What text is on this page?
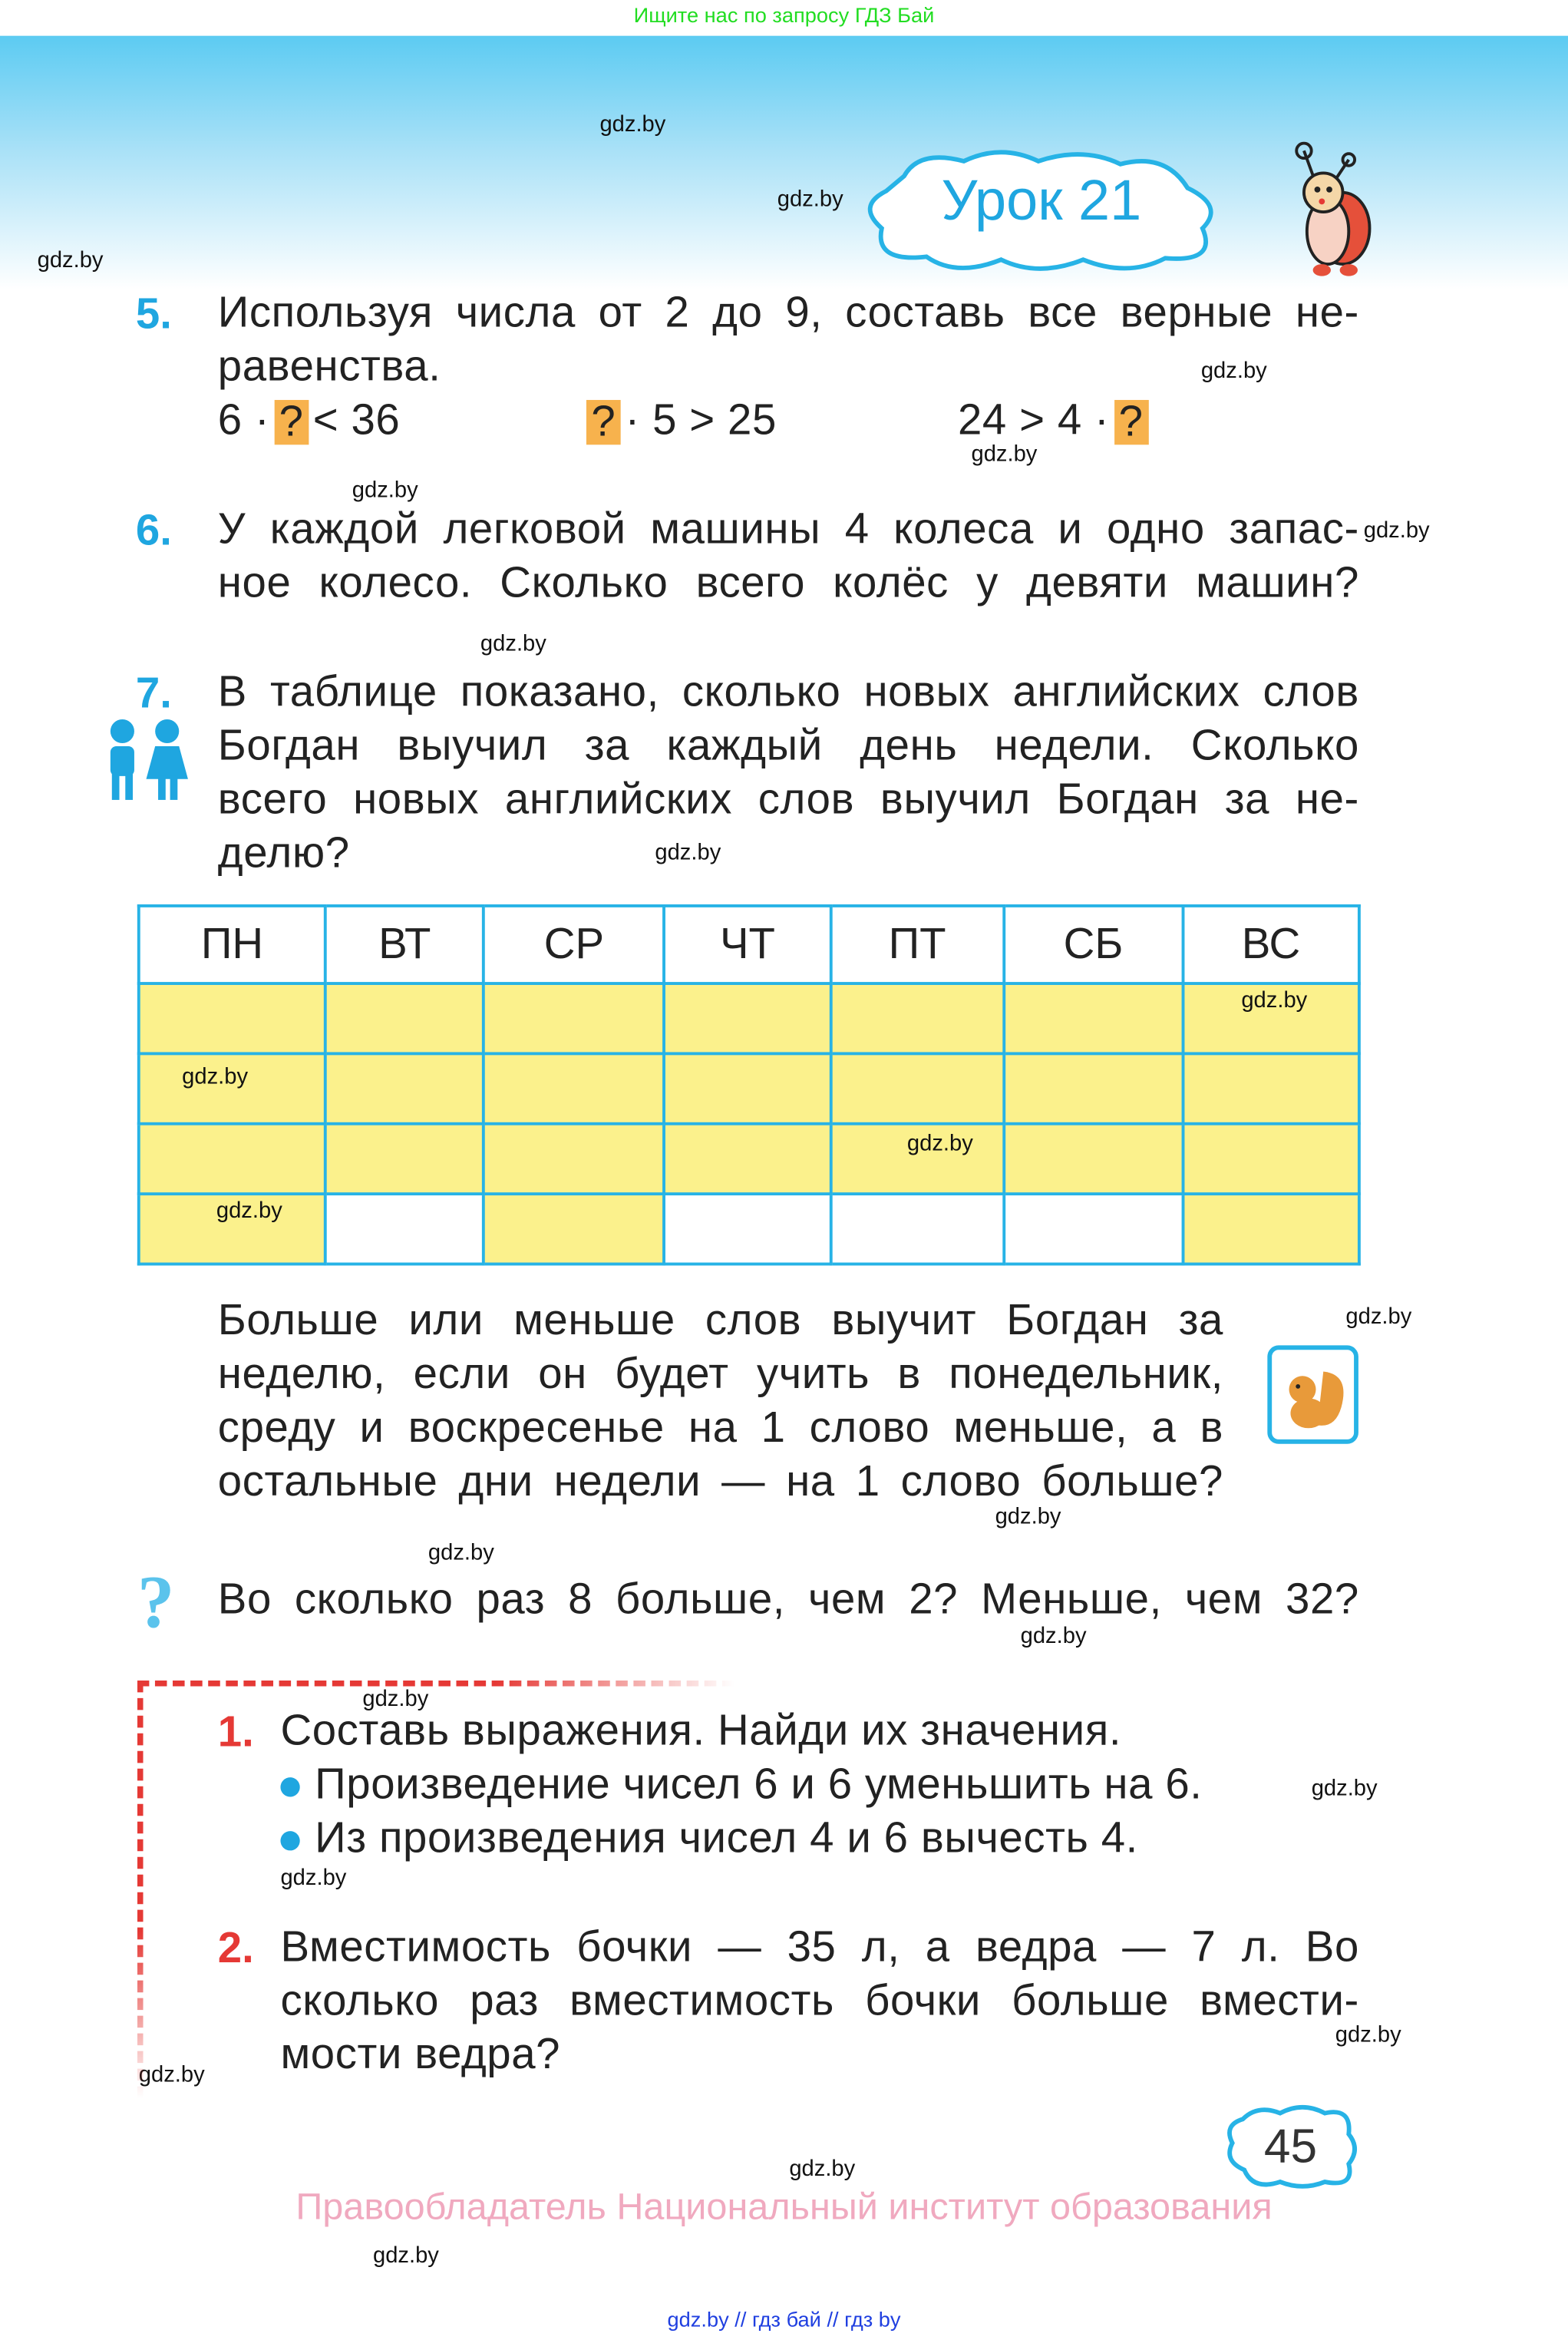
Ищите нас по запросу ГДЗ Бай
Урок 21
gdz.by
gdz.by
gdz.by
gdz.by
gdz.by
gdz.by
gdz.by
gdz.by
gdz.by
gdz.by
gdz.by
gdz.by
gdz.by
gdz.by
gdz.by
gdz.by
gdz.by
gdz.by
gdz.by
gdz.by
5. Используя числа от 2 до 9, составь все верные не-
равенства.
6 · ? < 36	? · 5 > 25	24 > 4 · ?
6. У каждой легковой машины 4 колеса и одно запас-
ное колесо. Сколько всего колёс у девяти машин?
7. В таблице показано, сколько новых английских слов
Богдан выучил за каждый день недели. Сколько
всего новых английских слов выучил Богдан за не-
делю?
ПН	ВТ	СР	ЧТ	ПТ	СБ	ВС

gdz.by
gdz.by
gdz.by
gdz.by
Больше или меньше слов выучит Богдан за
неделю, если он будет учить в понедельник,
среду и воскресенье на 1 слово меньше, а в
остальные дни недели — на 1 слово больше?
? Во сколько раз 8 больше, чем 2? Меньше, чем 32?
1. Составь выражения. Найди их значения.
Произведение чисел 6 и 6 уменьшить на 6.
Из произведения чисел 4 и 6 вычесть 4.
2. Вместимость бочки — 35 л, а ведра — 7 л. Во
сколько раз вместимость бочки больше вмести-
мости ведра?
45
Правообладатель Национальный институт образования
gdz.by // гдз бай // гдз by
